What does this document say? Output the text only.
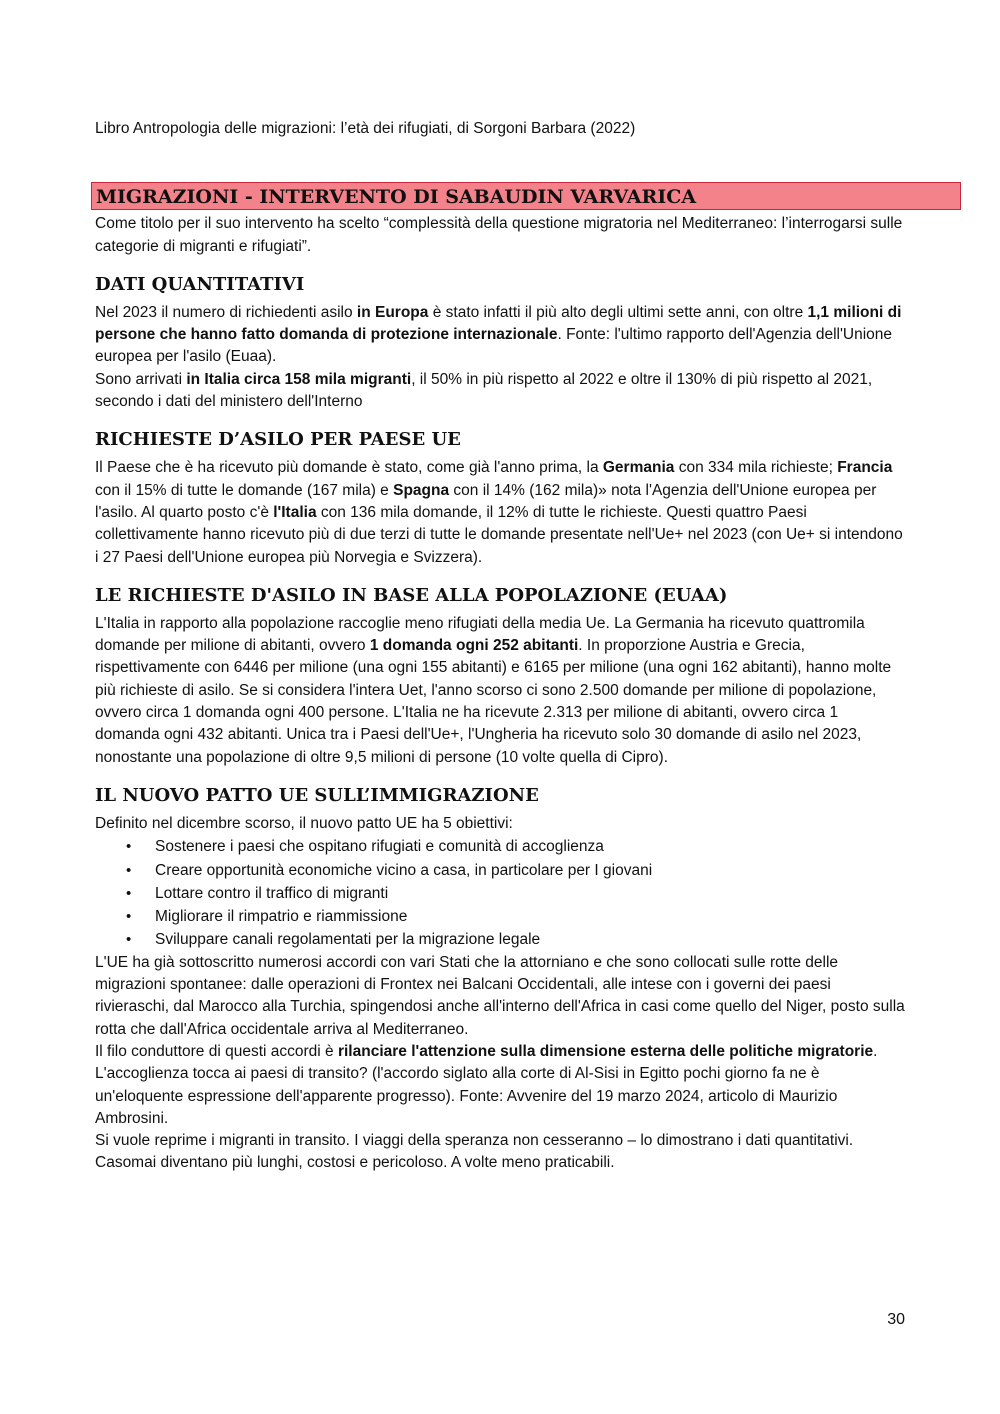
Libro Antropologia delle migrazioni: l’età dei rifugiati, di Sorgoni Barbara (2022)

MIGRAZIONI - INTERVENTO DI SABAUDIN VARVARICA

Come titolo per il suo intervento ha scelto “complessità della questione migratoria nel Mediterraneo: l’interrogarsi sulle categorie di migranti e rifugiati”.

DATI QUANTITATIVI

Nel 2023 il numero di richiedenti asilo in Europa è stato infatti il più alto degli ultimi sette anni, con oltre 1,1 milioni di persone che hanno fatto domanda di protezione internazionale. Fonte: l'ultimo rapporto dell'Agenzia dell'Unione europea per l'asilo (Euaa).

Sono arrivati in Italia circa 158 mila migranti, il 50% in più rispetto al 2022 e oltre il 130% di più rispetto al 2021, secondo i dati del ministero dell'Interno

RICHIESTE D’ASILO PER PAESE UE

Il Paese che è ha ricevuto più domande è stato, come già l'anno prima, la Germania con 334 mila richieste; Francia con il 15% di tutte le domande (167 mila) e Spagna con il 14% (162 mila)» nota l'Agenzia dell'Unione europea per l'asilo. Al quarto posto c'è l'Italia con 136 mila domande, il 12% di tutte le richieste. Questi quattro Paesi collettivamente hanno ricevuto più di due terzi di tutte le domande presentate nell'Ue+ nel 2023 (con Ue+ si intendono i 27 Paesi dell'Unione europea più Norvegia e Svizzera).

LE RICHIESTE D'ASILO IN BASE ALLA POPOLAZIONE (EUAA)

L'Italia in rapporto alla popolazione raccoglie meno rifugiati della media Ue. La Germania ha ricevuto quattromila domande per milione di abitanti, ovvero 1 domanda ogni 252 abitanti. In proporzione Austria e Grecia, rispettivamente con 6446 per milione (una ogni 155 abitanti) e 6165 per milione (una ogni 162 abitanti), hanno molte più richieste di asilo. Se si considera l'intera Uet, l'anno scorso ci sono 2.500 domande per milione di popolazione, ovvero circa 1 domanda ogni 400 persone. L'Italia ne ha ricevute 2.313 per milione di abitanti, ovvero circa 1 domanda ogni 432 abitanti. Unica tra i Paesi dell'Ue+, l'Ungheria ha ricevuto solo 30 domande di asilo nel 2023, nonostante una popolazione di oltre 9,5 milioni di persone (10 volte quella di Cipro).

IL NUOVO PATTO UE SULL’IMMIGRAZIONE

Definito nel dicembre scorso, il nuovo patto UE ha 5 obiettivi:

• Sostenere i paesi che ospitano rifugiati e comunità di accoglienza
• Creare opportunità economiche vicino a casa, in particolare per I giovani
• Lottare contro il traffico di migranti
• Migliorare il rimpatrio e riammissione
• Sviluppare canali regolamentati per la migrazione legale

L'UE ha già sottoscritto numerosi accordi con vari Stati che la attorniano e che sono collocati sulle rotte delle migrazioni spontanee: dalle operazioni di Frontex nei Balcani Occidentali, alle intese con i governi dei paesi rivieraschi, dal Marocco alla Turchia, spingendosi anche all'interno dell'Africa in casi come quello del Niger, posto sulla rotta che dall'Africa occidentale arriva al Mediterraneo.

Il filo conduttore di questi accordi è rilanciare l'attenzione sulla dimensione esterna delle politiche migratorie.

L'accoglienza tocca ai paesi di transito? (l'accordo siglato alla corte di Al-Sisi in Egitto pochi giorno fa ne è un'eloquente espressione dell'apparente progresso). Fonte: Avvenire del 19 marzo 2024, articolo di Maurizio Ambrosini.

Si vuole reprime i migranti in transito. I viaggi della speranza non cesseranno – lo dimostrano i dati quantitativi. Casomai diventano più lunghi, costosi e pericoloso. A volte meno praticabili.

30
